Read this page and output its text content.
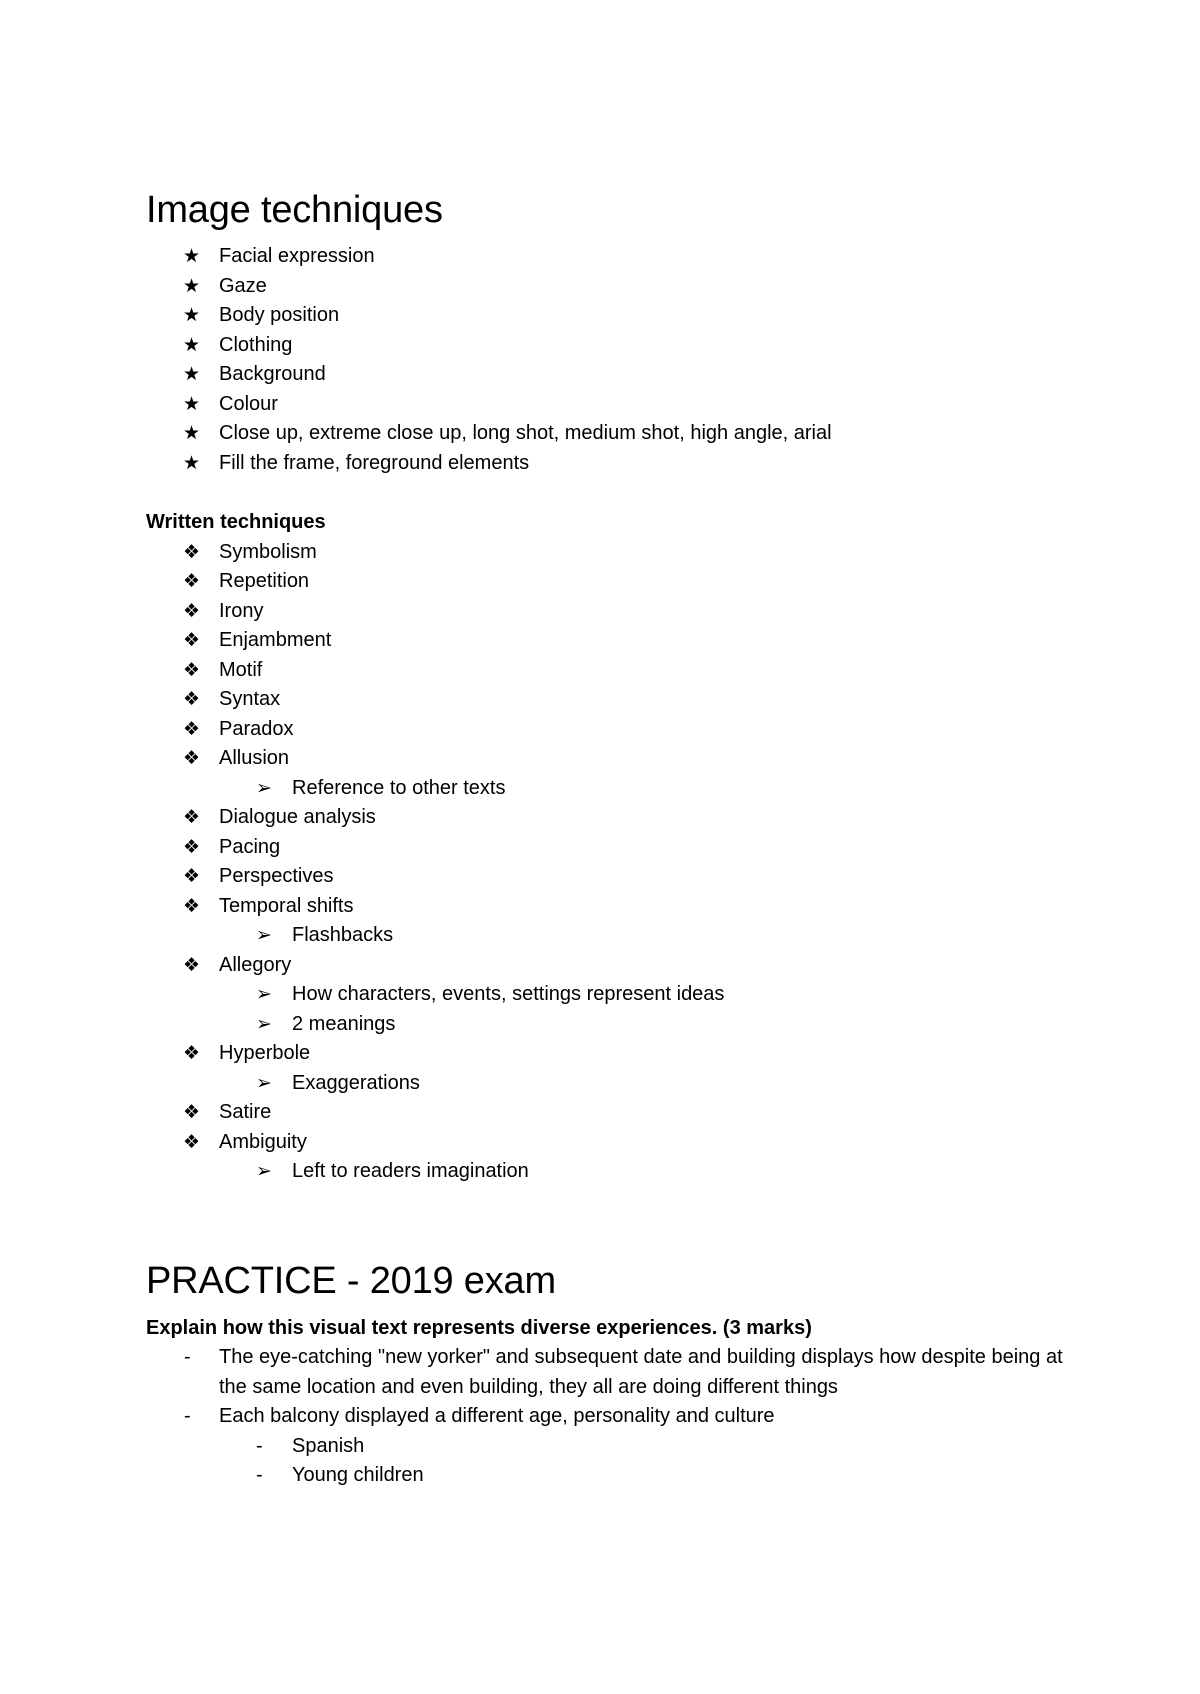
Image techniques
★ Facial expression
★ Gaze
★ Body position
★ Clothing
★ Background
★ Colour
★ Close up, extreme close up, long shot, medium shot, high angle, arial
★ Fill the frame, foreground elements

Written techniques

❖ Symbolism
❖ Repetition
❖ Irony
❖ Enjambment
❖ Motif
❖ Syntax
❖ Paradox
❖ Allusion
➢	Reference to other texts
❖ Dialogue analysis
❖ Pacing
❖ Perspectives
❖ Temporal shifts
➢	Flashbacks
❖ Allegory
➢	How characters, events, settings represent ideas
➢	2 meanings
❖ Hyperbole
➢	Exaggerations
❖ Satire
❖ Ambiguity
➢	Left to readers imagination
PRACTICE - 2019 exam

Explain how this visual text represents diverse experiences. (3 marks)

- The eye-catching "new yorker" and subsequent date and building displays how despite being at the same location and even building, they all are doing different things
- Each balcony displayed a different age, personality and culture
- Spanish
- Young children
